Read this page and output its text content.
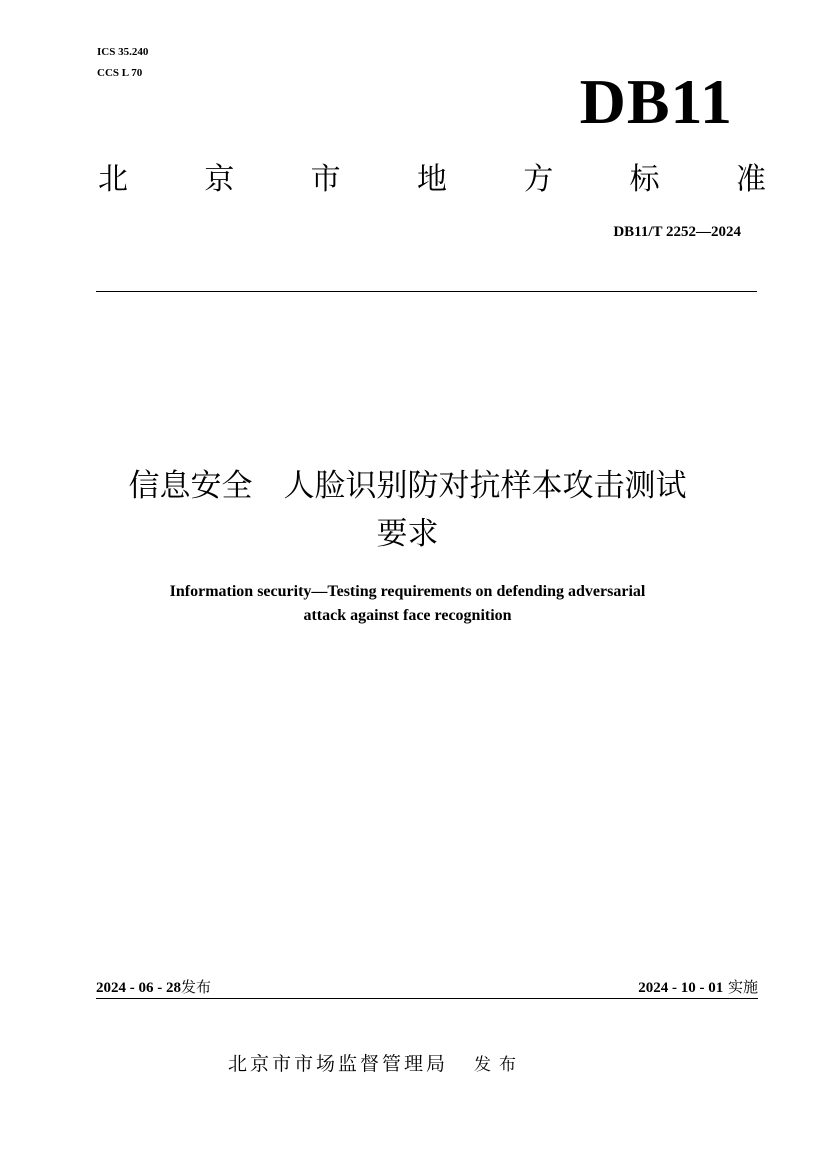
ICS 35.240
CCS L 70	DB11
北	京	市	地	方	标	准
DB11/T 2252—2024
信息安全　人脸识别防对抗样本攻击测试
要求
Information security—Testing requirements on defending adversarial
attack against face recognition
2024 - 06 - 28发布	2024 - 10 - 01 实施
北京市市场监督管理局 发布
